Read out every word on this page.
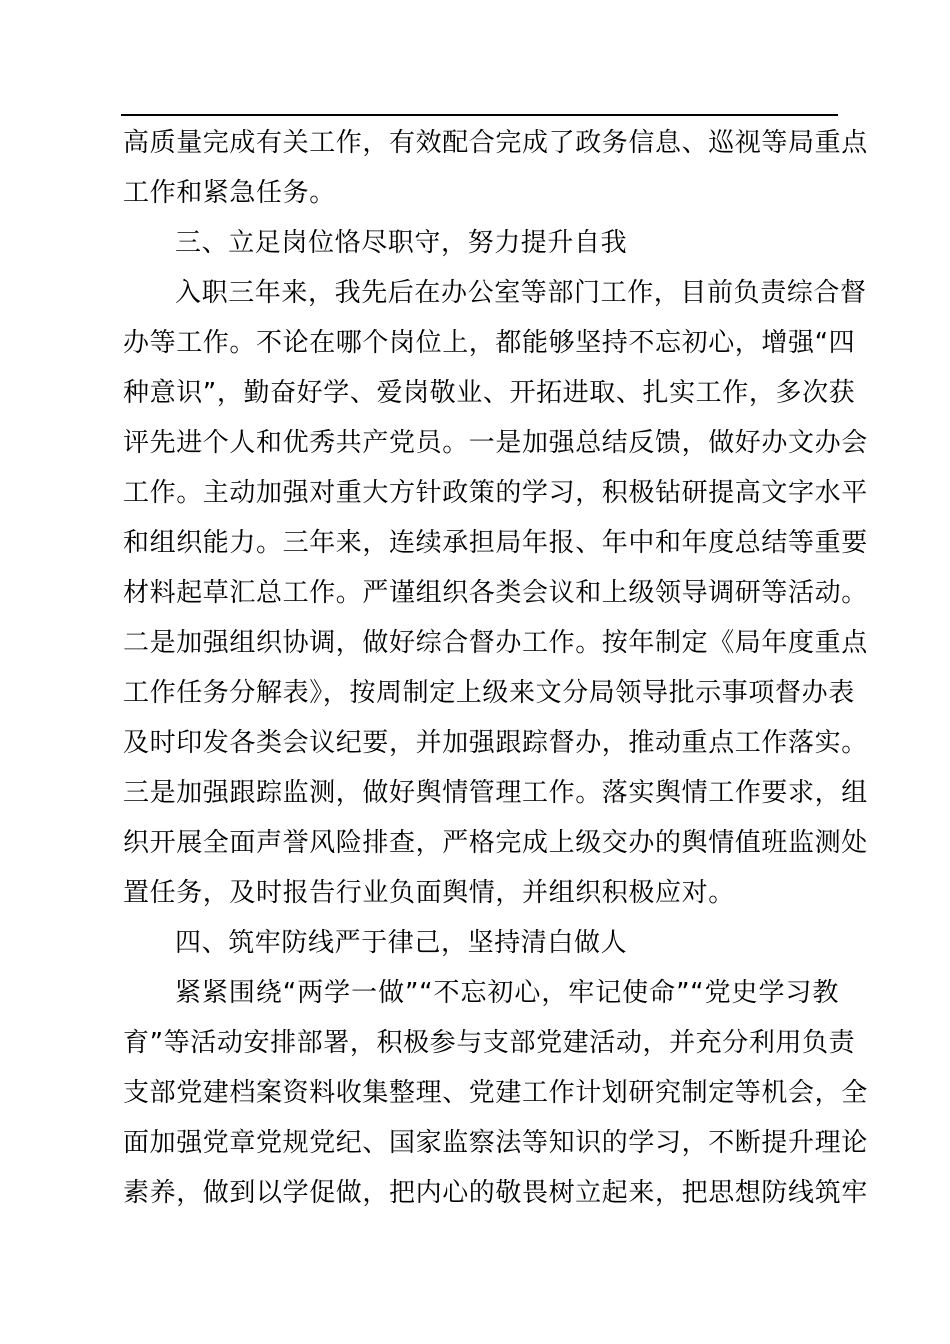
高质量完成有关工作，有效配合完成了政务信息、巡视等局重点
工作和紧急任务。
三、立足岗位恪尽职守，努力提升自我
入职三年来，我先后在办公室等部门工作，目前负责综合督
办等工作。不论在哪个岗位上，都能够坚持不忘初心，增强“四
种意识”，勤奋好学、爱岗敬业、开拓进取、扎实工作，多次获
评先进个人和优秀共产党员。一是加强总结反馈，做好办文办会
工作。主动加强对重大方针政策的学习，积极钻研提高文字水平
和组织能力。三年来，连续承担局年报、年中和年度总结等重要
材料起草汇总工作。严谨组织各类会议和上级领导调研等活动。
二是加强组织协调，做好综合督办工作。按年制定《局年度重点
工作任务分解表》，按周制定上级来文分局领导批示事项督办表
及时印发各类会议纪要，并加强跟踪督办，推动重点工作落实。
三是加强跟踪监测，做好舆情管理工作。落实舆情工作要求，组
织开展全面声誉风险排查，严格完成上级交办的舆情值班监测处
置任务，及时报告行业负面舆情，并组织积极应对。
四、筑牢防线严于律己，坚持清白做人
紧紧围绕“两学一做”“不忘初心，牢记使命”“党史学习教
育”等活动安排部署，积极参与支部党建活动，并充分利用负责
支部党建档案资料收集整理、党建工作计划研究制定等机会，全
面加强党章党规党纪、国家监察法等知识的学习，不断提升理论
素养，做到以学促做，把内心的敬畏树立起来，把思想防线筑牢
